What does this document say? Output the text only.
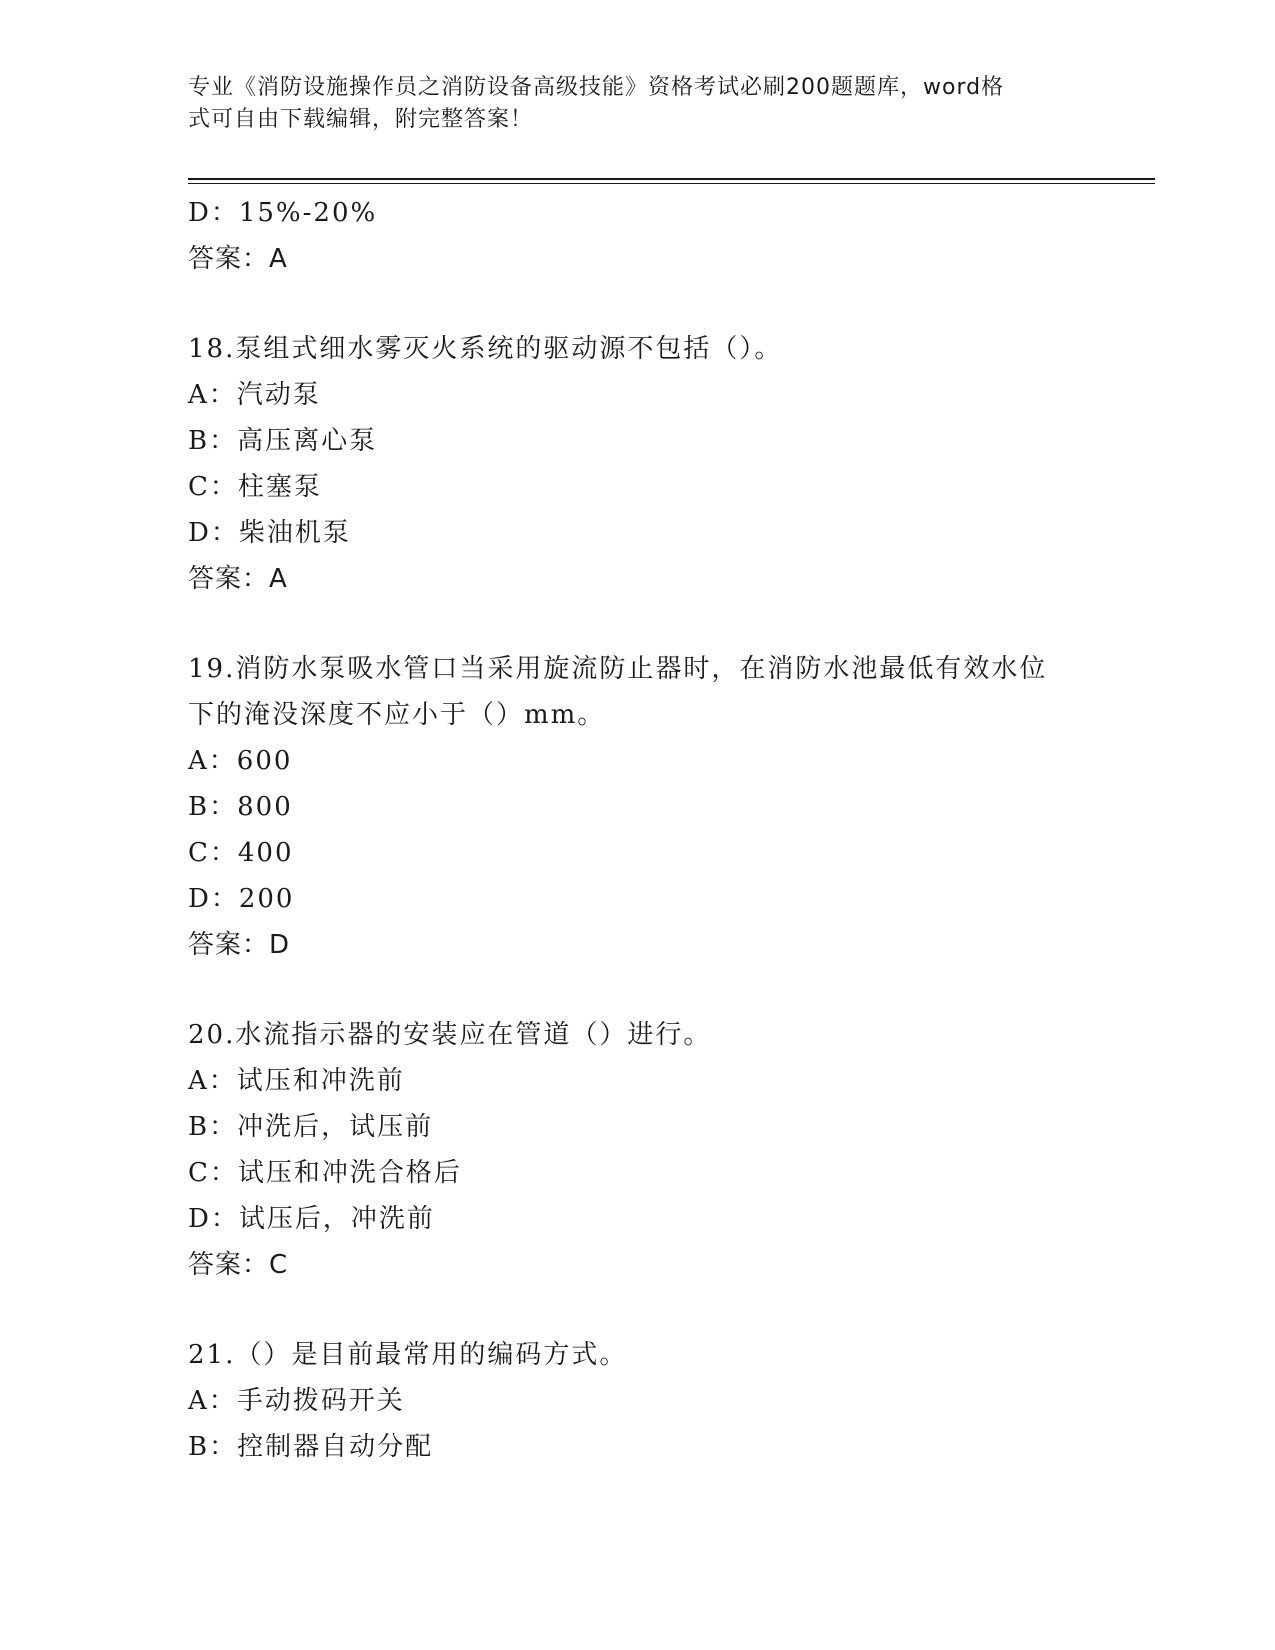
专业《消防设施操作员之消防设备高级技能》资格考试必刷200题题库，word格
式可自由下载编辑，附完整答案！
D：15%-20%
答案：A
18.泵组式细水雾灭火系统的驱动源不包括（）。
A：汽动泵
B：高压离心泵
C：柱塞泵
D：柴油机泵
答案：A
19.消防水泵吸水管口当采用旋流防止器时，在消防水池最低有效水位
下的淹没深度不应小于（）mm。
A：600
B：800
C：400
D：200
答案：D
20.水流指示器的安装应在管道（）进行。
A：试压和冲洗前
B：冲洗后，试压前
C：试压和冲洗合格后
D：试压后，冲洗前
答案：C
21.（）是目前最常用的编码方式。
A：手动拨码开关
B：控制器自动分配
